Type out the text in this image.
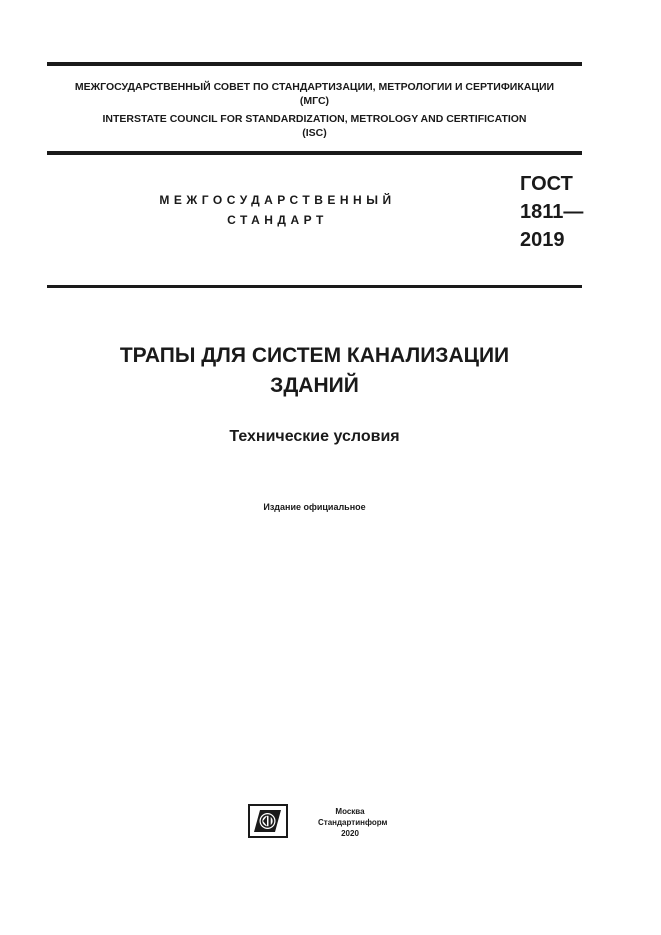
МЕЖГОСУДАРСТВЕННЫЙ СОВЕТ ПО СТАНДАРТИЗАЦИИ, МЕТРОЛОГИИ И СЕРТИФИКАЦИИ
(МГС)
INTERSTATE COUNCIL FOR STANDARDIZATION, METROLOGY AND CERTIFICATION
(ISC)
МЕЖГОСУДАРСТВЕННЫЙ
СТАНДАРТ
ГОСТ
1811—
2019
ТРАПЫ ДЛЯ СИСТЕМ КАНАЛИЗАЦИИ
ЗДАНИЙ
Технические условия
Издание официальное
Москва
Стандартинформ
2020
